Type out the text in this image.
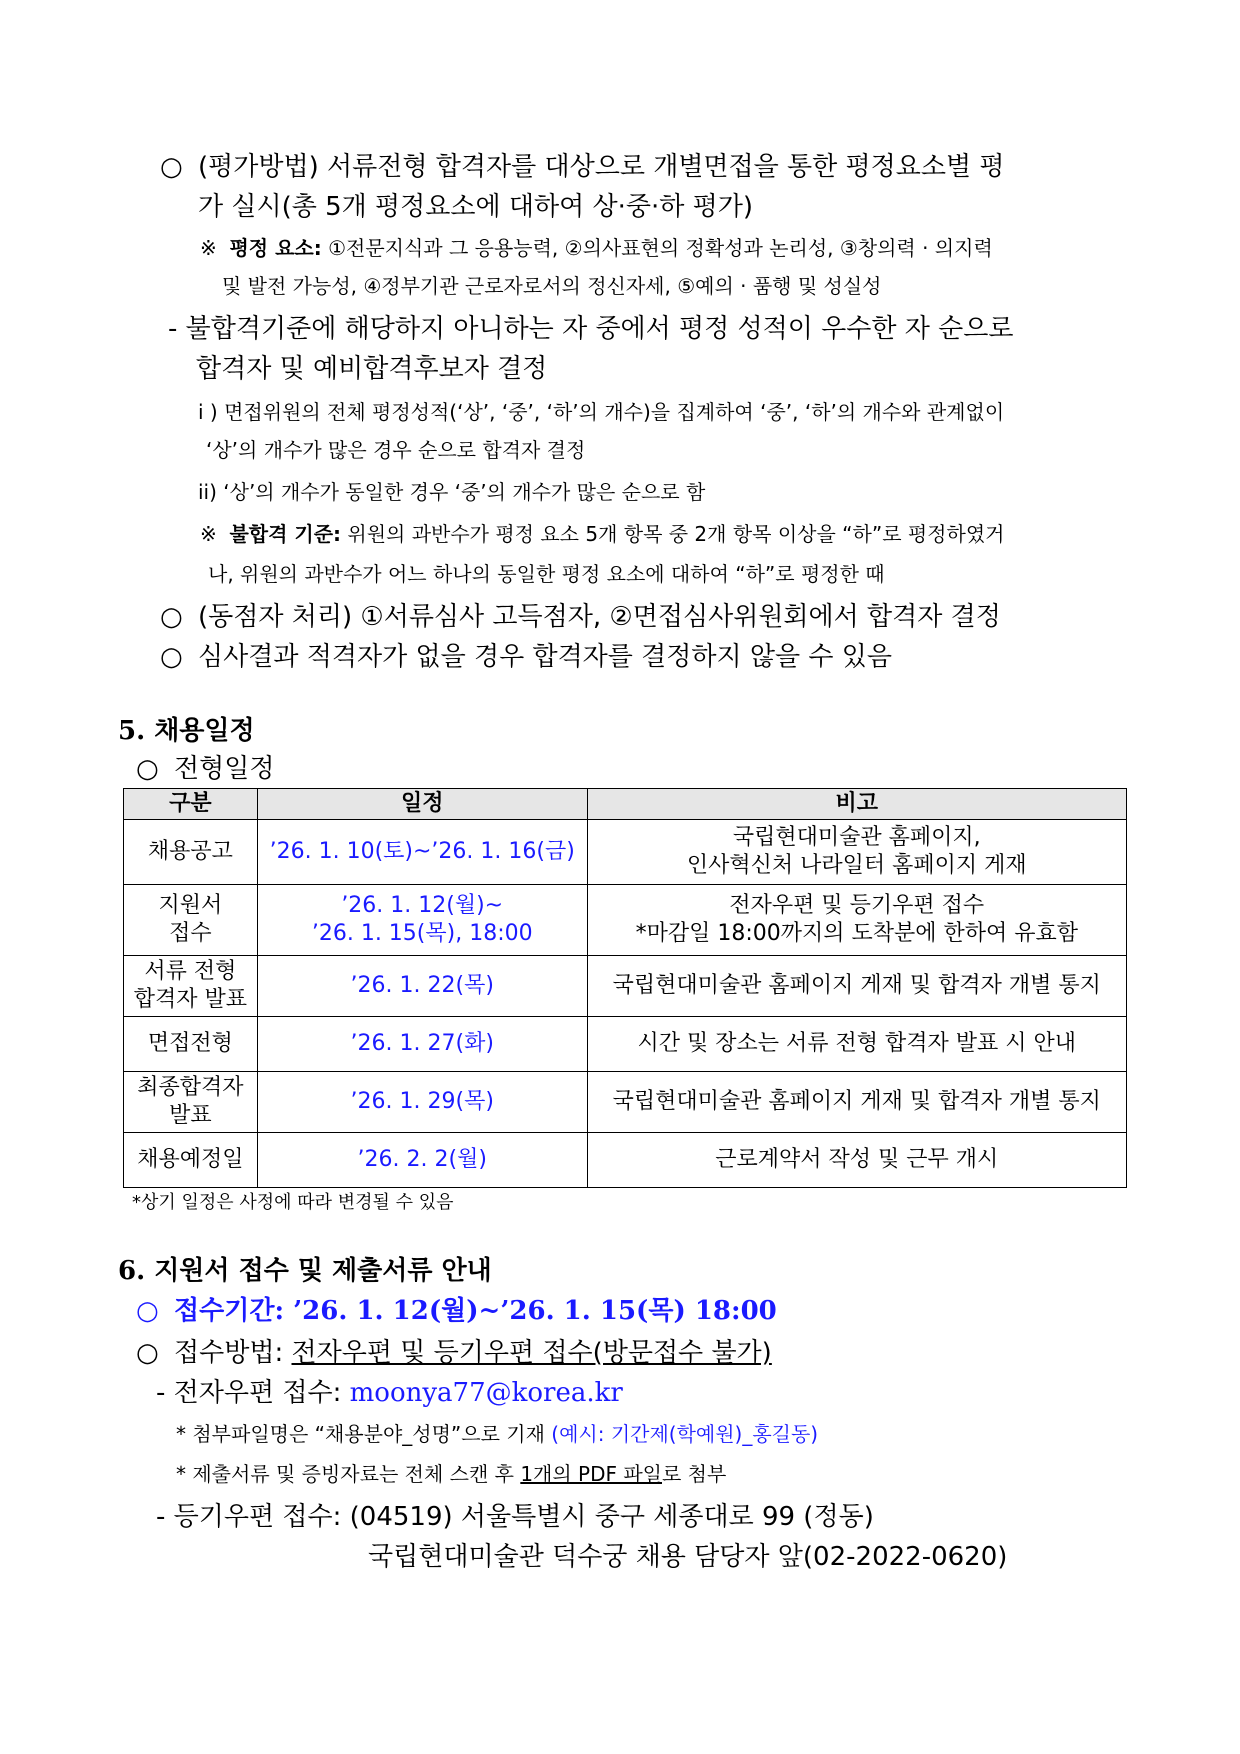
○ (평가방법) 서류전형 합격자를 대상으로 개별면접을 통한 평정요소별 평
가 실시(총 5개 평정요소에 대하여 상·중·하 평가)
※ 평정 요소: ①전문지식과 그 응용능력, ②의사표현의 정확성과 논리성, ③창의력 · 의지력
및 발전 가능성, ④정부기관 근로자로서의 정신자세, ⑤예의 · 품행 및 성실성
- 불합격기준에 해당하지 아니하는 자 중에서 평정 성적이 우수한 자 순으로
합격자 및 예비합격후보자 결정
i ) 면접위원의 전체 평정성적(‘상’, ‘중’, ‘하’의 개수)을 집계하여 ‘중’, ‘하’의 개수와 관계없이
‘상’의 개수가 많은 경우 순으로 합격자 결정
ii) ‘상’의 개수가 동일한 경우 ‘중’의 개수가 많은 순으로 함
※ 불합격 기준: 위원의 과반수가 평정 요소 5개 항목 중 2개 항목 이상을 “하”로 평정하였거
나, 위원의 과반수가 어느 하나의 동일한 평정 요소에 대하여 “하”로 평정한 때
○ (동점자 처리) ①서류심사 고득점자, ②면접심사위원회에서 합격자 결정
○ 심사결과 적격자가 없을 경우 합격자를 결정하지 않을 수 있음
5. 채용일정
○ 전형일정
구분	일정	비고
채용공고	’26. 1. 10(토)~’26. 1. 16(금)	국립현대미술관 홈페이지,
인사혁신처 나라일터 홈페이지 게재
지원서
접수	’26. 1. 12(월)~
’26. 1. 15(목), 18:00	전자우편 및 등기우편 접수
*마감일 18:00까지의 도착분에 한하여 유효함
서류 전형
합격자 발표	’26. 1. 22(목)	국립현대미술관 홈페이지 게재 및 합격자 개별 통지
면접전형	’26. 1. 27(화)	시간 및 장소는 서류 전형 합격자 발표 시 안내
최종합격자
발표	’26. 1. 29(목)	국립현대미술관 홈페이지 게재 및 합격자 개별 통지
채용예정일	’26. 2. 2(월)	근로계약서 작성 및 근무 개시
*상기 일정은 사정에 따라 변경될 수 있음
6. 지원서 접수 및 제출서류 안내
○ 접수기간: ’26. 1. 12(월)~’26. 1. 15(목) 18:00
○ 접수방법: 전자우편 및 등기우편 접수(방문접수 불가)
- 전자우편 접수: moonya77@korea.kr
* 첨부파일명은 “채용분야_성명”으로 기재 (예시: 기간제(학예원)_홍길동)
* 제출서류 및 증빙자료는 전체 스캔 후 1개의 PDF 파일로 첨부
- 등기우편 접수: (04519) 서울특별시 중구 세종대로 99 (정동)
국립현대미술관 덕수궁 채용 담당자 앞(02-2022-0620)
